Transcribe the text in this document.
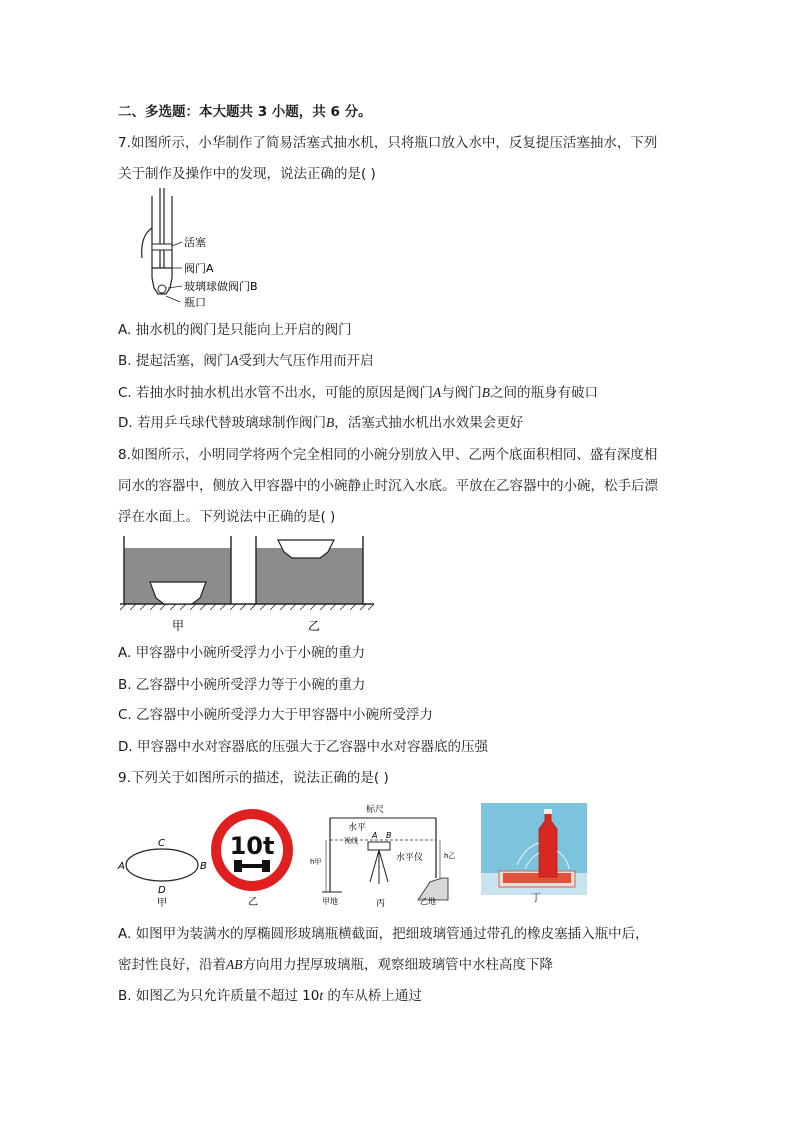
二、多选题：本大题共 3 小题，共 6 分。
7.如图所示，小华制作了简易活塞式抽水机，只将瓶口放入水中，反复提压活塞抽水，下列
关于制作及操作中的发现，说法正确的是( )
活塞
阀门A
玻璃球做阀门B
瓶口
A. 抽水机的阀门是只能向上开启的阀门
B. 提起活塞，阀门A受到大气压作用而开启
C. 若抽水时抽水机出水管不出水，可能的原因是阀门A与阀门B之间的瓶身有破口
D. 若用乒乓球代替玻璃球制作阀门B，活塞式抽水机出水效果会更好
8.如图所示，小明同学将两个完全相同的小碗分别放入甲、乙两个底面积相同、盛有深度相
同水的容器中，侧放入甲容器中的小碗静止时沉入水底。平放在乙容器中的小碗，松手后漂
浮在水面上。下列说法中正确的是( )
甲	乙
A. 甲容器中小碗所受浮力小于小碗的重力
B. 乙容器中小碗所受浮力等于小碗的重力
C. 乙容器中小碗所受浮力大于甲容器中小碗所受浮力
D. 甲容器中水对容器底的压强大于乙容器中水对容器底的压强
9.下列关于如图所示的描述，说法正确的是( )
A	B
C
D
甲
10t
乙
标尺
水平
视线
A B
水平仪
h甲
h乙
甲地	乙地
丙	丁
A. 如图甲为装满水的厚椭圆形玻璃瓶横截面，把细玻璃管通过带孔的橡皮塞插入瓶中后，
密封性良好，沿着AB方向用力捏厚玻璃瓶，观察细玻璃管中水柱高度下降
B. 如图乙为只允许质量不超过 10t 的车从桥上通过
